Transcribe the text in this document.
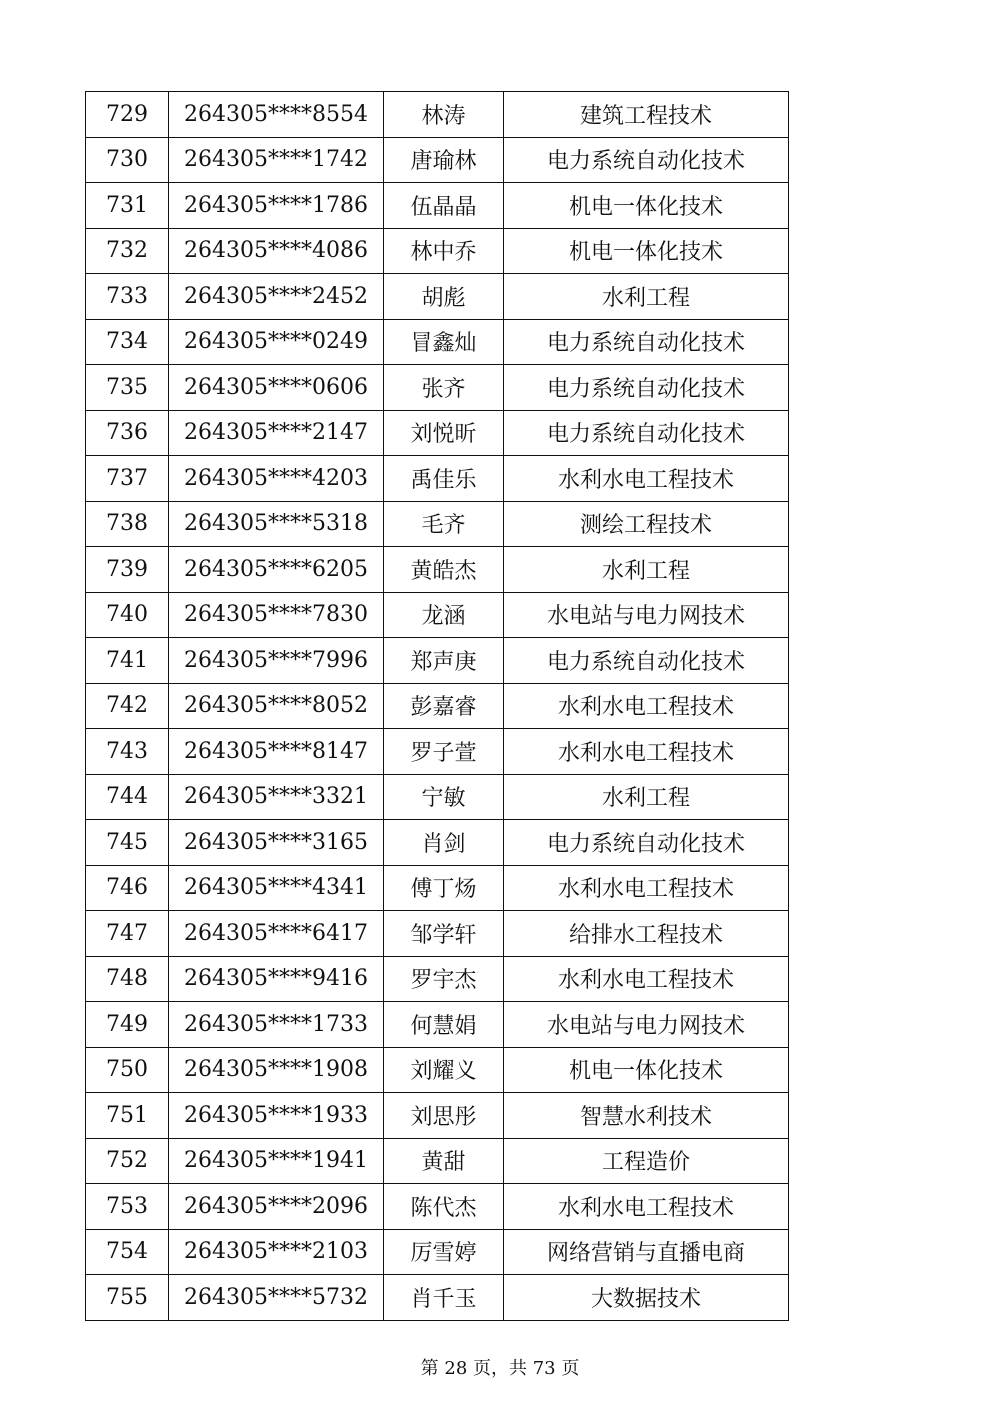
729	264305****8554	林涛	建筑工程技术
730	264305****1742	唐瑜林	电力系统自动化技术
731	264305****1786	伍晶晶	机电一体化技术
732	264305****4086	林中乔	机电一体化技术
733	264305****2452	胡彪	水利工程
734	264305****0249	冒鑫灿	电力系统自动化技术
735	264305****0606	张齐	电力系统自动化技术
736	264305****2147	刘悦昕	电力系统自动化技术
737	264305****4203	禹佳乐	水利水电工程技术
738	264305****5318	毛齐	测绘工程技术
739	264305****6205	黄皓杰	水利工程
740	264305****7830	龙涵	水电站与电力网技术
741	264305****7996	郑声庚	电力系统自动化技术
742	264305****8052	彭嘉睿	水利水电工程技术
743	264305****8147	罗子萱	水利水电工程技术
744	264305****3321	宁敏	水利工程
745	264305****3165	肖剑	电力系统自动化技术
746	264305****4341	傅丁炀	水利水电工程技术
747	264305****6417	邹学轩	给排水工程技术
748	264305****9416	罗宇杰	水利水电工程技术
749	264305****1733	何慧娟	水电站与电力网技术
750	264305****1908	刘耀义	机电一体化技术
751	264305****1933	刘思彤	智慧水利技术
752	264305****1941	黄甜	工程造价
753	264305****2096	陈代杰	水利水电工程技术
754	264305****2103	厉雪婷	网络营销与直播电商
755	264305****5732	肖千玉	大数据技术
第 28 页，共 73 页
